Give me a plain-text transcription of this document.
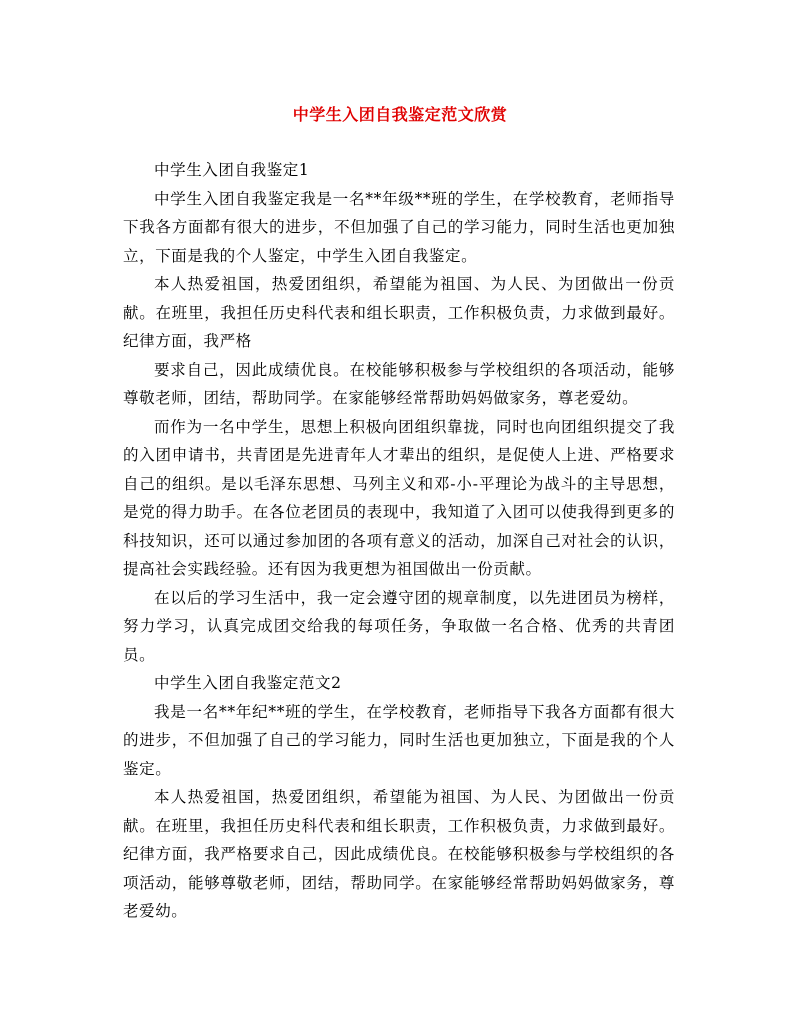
中学生入团自我鉴定范文欣赏

中学生入团自我鉴定1

中学生入团自我鉴定我是一名**年级**班的学生，在学校教育，老师指导下我各方面都有很大的进步，不但加强了自己的学习能力，同时生活也更加独立，下面是我的个人鉴定，中学生入团自我鉴定。

本人热爱祖国，热爱团组织，希望能为祖国、为人民、为团做出一份贡献。在班里，我担任历史科代表和组长职责，工作积极负责，力求做到最好。纪律方面，我严格

要求自己，因此成绩优良。在校能够积极参与学校组织的各项活动，能够尊敬老师，团结，帮助同学。在家能够经常帮助妈妈做家务，尊老爱幼。

而作为一名中学生，思想上积极向团组织靠拢，同时也向团组织提交了我的入团申请书，共青团是先进青年人才辈出的组织，是促使人上进、严格要求自己的组织。是以毛泽东思想、马列主义和邓-小-平理论为战斗的主导思想，是党的得力助手。在各位老团员的表现中，我知道了入团可以使我得到更多的科技知识，还可以通过参加团的各项有意义的活动，加深自己对社会的认识，提高社会实践经验。还有因为我更想为祖国做出一份贡献。

在以后的学习生活中，我一定会遵守团的规章制度，以先进团员为榜样，努力学习，认真完成团交给我的每项任务，争取做一名合格、优秀的共青团员。

中学生入团自我鉴定范文2

我是一名**年纪**班的学生，在学校教育，老师指导下我各方面都有很大的进步，不但加强了自己的学习能力，同时生活也更加独立，下面是我的个人鉴定。

本人热爱祖国，热爱团组织，希望能为祖国、为人民、为团做出一份贡献。在班里，我担任历史科代表和组长职责，工作积极负责，力求做到最好。纪律方面，我严格要求自己，因此成绩优良。在校能够积极参与学校组织的各项活动，能够尊敬老师，团结，帮助同学。在家能够经常帮助妈妈做家务，尊老爱幼。
